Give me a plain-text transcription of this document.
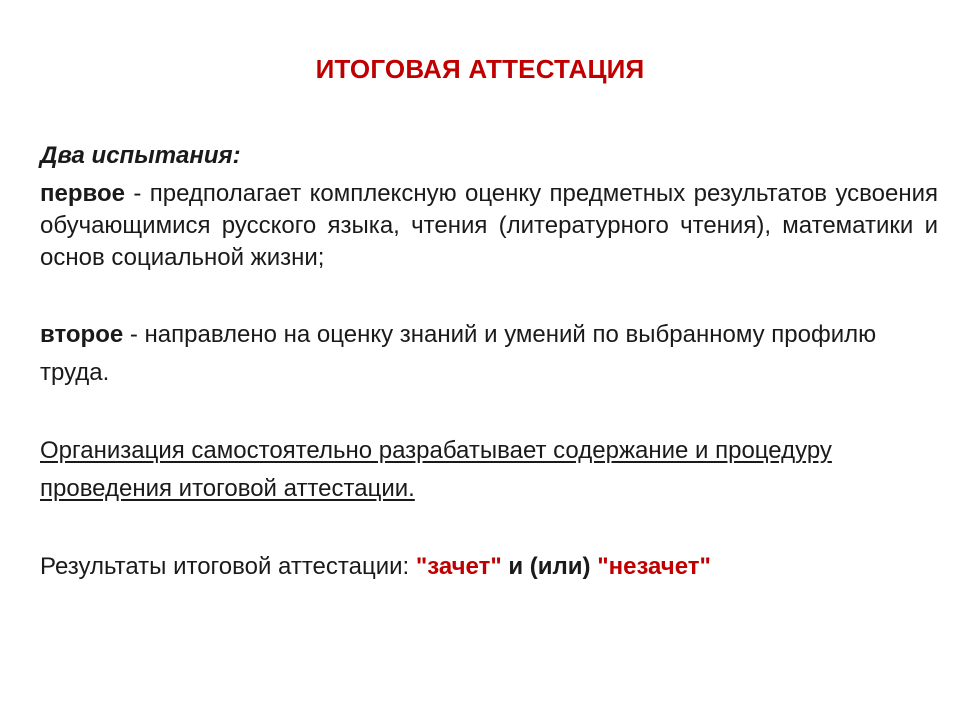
ИТОГОВАЯ АТТЕСТАЦИЯ
Два испытания:
первое - предполагает комплексную оценку предметных результатов усвоения обучающимися русского языка, чтения (литературного чтения), математики и основ социальной жизни;
второе - направлено на оценку знаний и умений по выбранному профилю труда.
Организация самостоятельно разрабатывает содержание и процедуру проведения итоговой аттестации.
Результаты итоговой аттестации: "зачет" и (или) "незачет"
